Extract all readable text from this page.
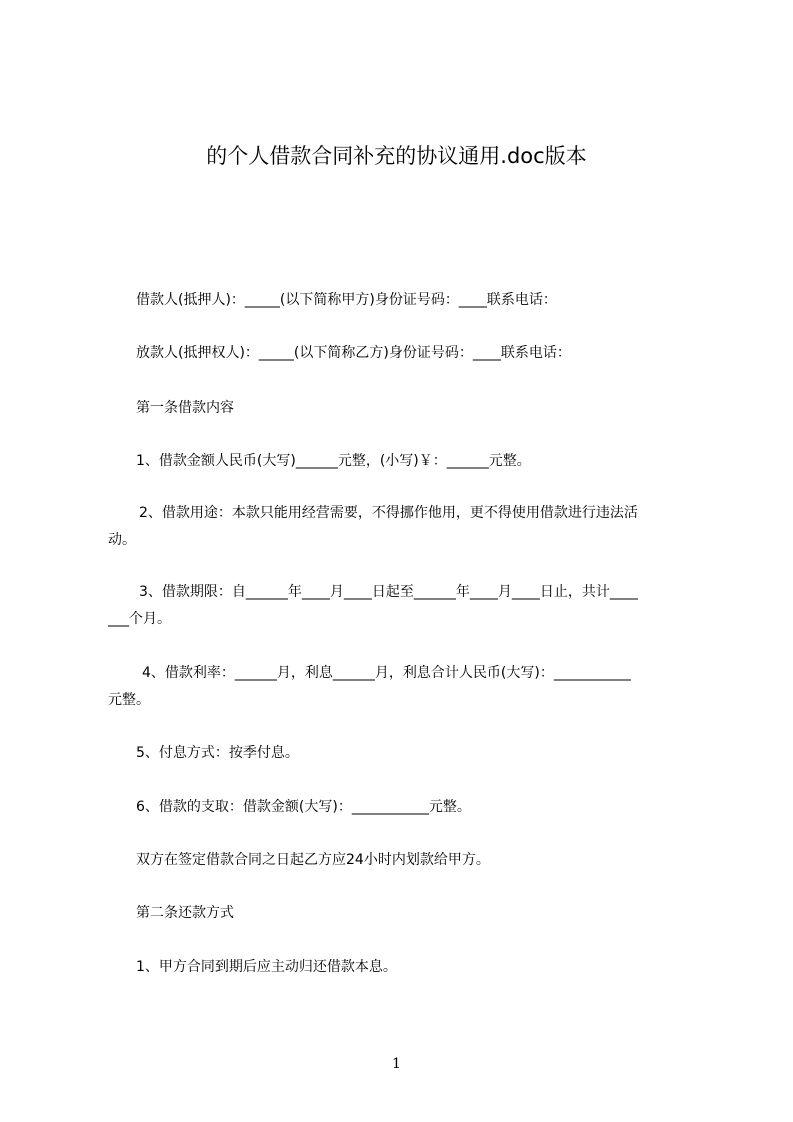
的个人借款合同补充的协议通用.doc版本
借款人(抵押人)：_____(以下简称甲方)身份证号码：____联系电话：
放款人(抵押权人)：_____(以下简称乙方)身份证号码：____联系电话：
第一条借款内容
1、借款金额人民币(大写)______元整，(小写)￥：______元整。
2、借款用途：本款只能用经营需要，不得挪作他用，更不得使用借款进行违法活
动。
3、借款期限：自______年____月____日起至______年____月____日止，共计____
___个月。
4、借款利率：______月，利息______月，利息合计人民币(大写)：___________
元整。
5、付息方式：按季付息。
6、借款的支取：借款金额(大写)：___________元整。
双方在签定借款合同之日起乙方应24小时内划款给甲方。
第二条还款方式
1、甲方合同到期后应主动归还借款本息。
1
